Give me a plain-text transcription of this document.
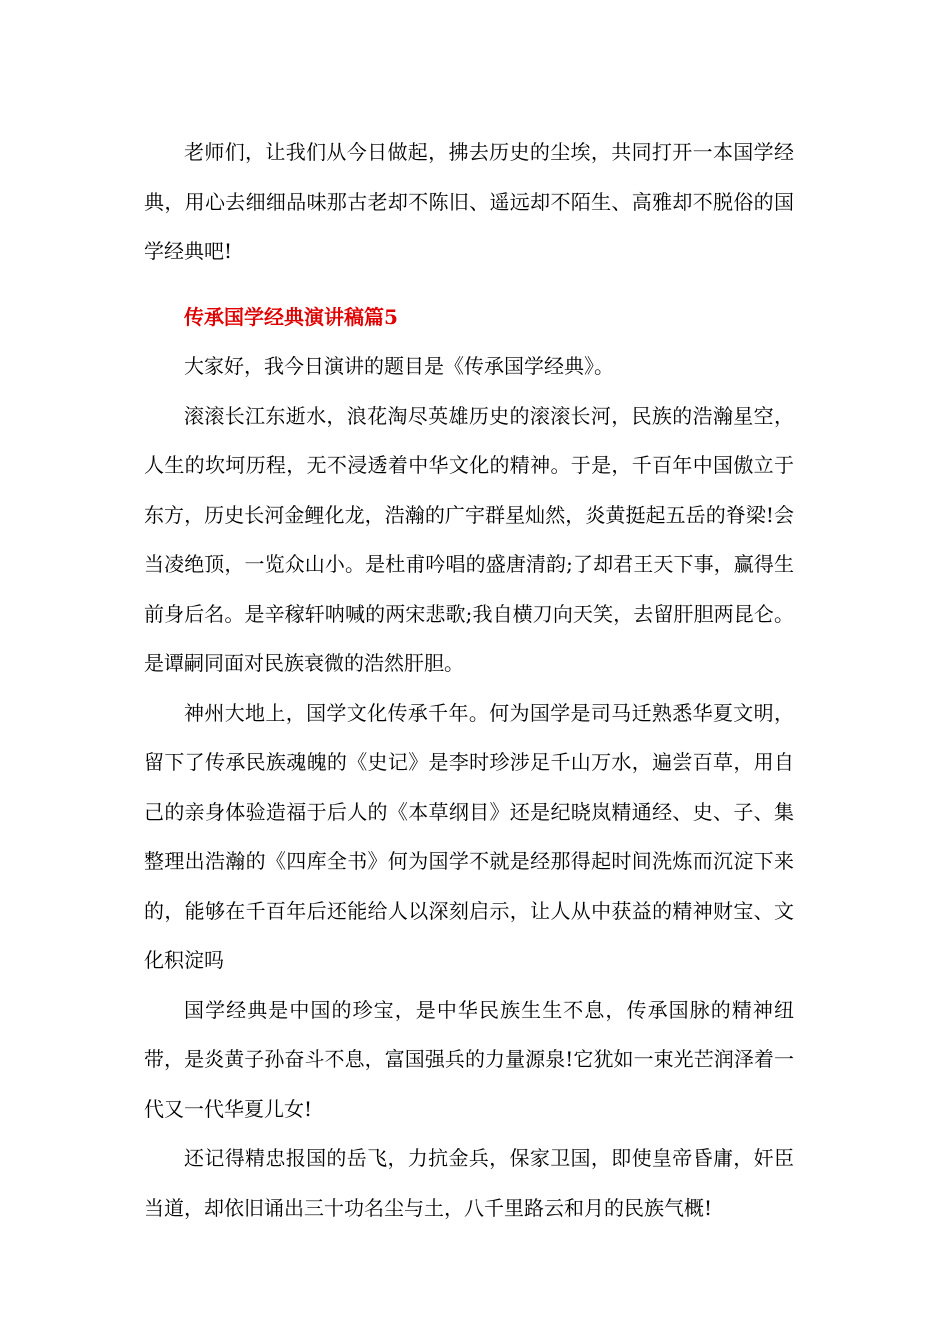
老师们，让我们从今日做起，拂去历史的尘埃，共同打开一本国学经典，用心去细细品味那古老却不陈旧、遥远却不陌生、高雅却不脱俗的国学经典吧!

传承国学经典演讲稿篇5

大家好，我今日演讲的题目是《传承国学经典》。

滚滚长江东逝水，浪花淘尽英雄历史的滚滚长河，民族的浩瀚星空，人生的坎坷历程，无不浸透着中华文化的精神。于是，千百年中国傲立于东方，历史长河金鲤化龙，浩瀚的广宇群星灿然，炎黄挺起五岳的脊梁!会当凌绝顶，一览众山小。是杜甫吟唱的盛唐清韵;了却君王天下事，赢得生前身后名。是辛稼轩呐喊的两宋悲歌;我自横刀向天笑，去留肝胆两昆仑。是谭嗣同面对民族衰微的浩然肝胆。

神州大地上，国学文化传承千年。何为国学是司马迁熟悉华夏文明，留下了传承民族魂魄的《史记》是李时珍涉足千山万水，遍尝百草，用自己的亲身体验造福于后人的《本草纲目》还是纪晓岚精通经、史、子、集整理出浩瀚的《四库全书》何为国学不就是经那得起时间洗炼而沉淀下来的，能够在千百年后还能给人以深刻启示，让人从中获益的精神财宝、文化积淀吗

国学经典是中国的珍宝，是中华民族生生不息，传承国脉的精神纽带，是炎黄子孙奋斗不息，富国强兵的力量源泉!它犹如一束光芒润泽着一代又一代华夏儿女!

还记得精忠报国的岳飞，力抗金兵，保家卫国，即使皇帝昏庸，奸臣当道，却依旧诵出三十功名尘与土，八千里路云和月的民族气概!
